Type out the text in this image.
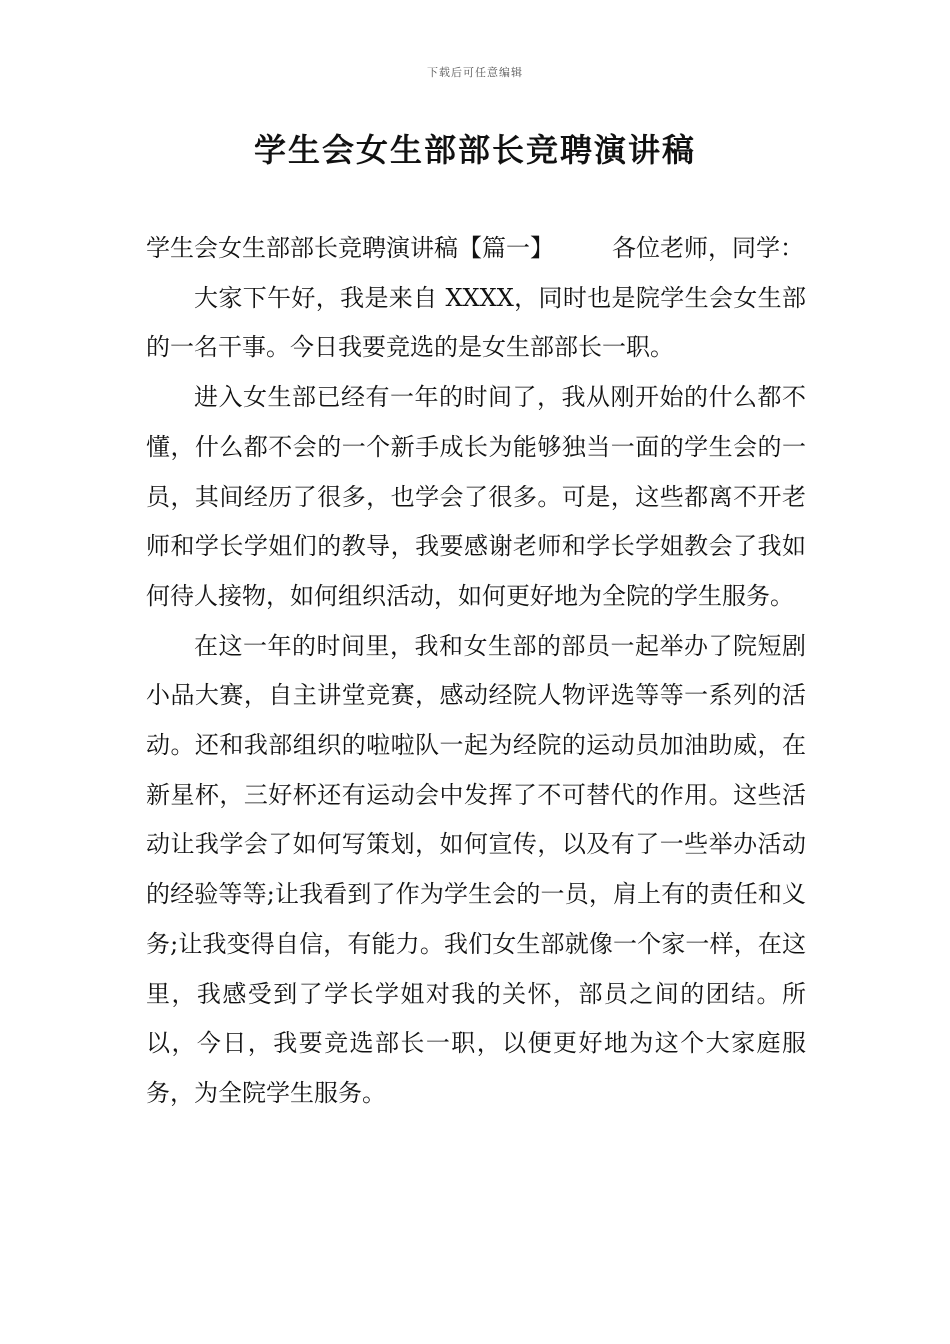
下载后可任意编辑
学生会女生部部长竞聘演讲稿

学生会女生部部长竞聘演讲稿【篇一】 各位老师，同学：

大家下午好，我是来自 XXXX，同时也是院学生会女生部的一名干事。今日我要竞选的是女生部部长一职。

进入女生部已经有一年的时间了，我从刚开始的什么都不懂，什么都不会的一个新手成长为能够独当一面的学生会的一员，其间经历了很多，也学会了很多。可是，这些都离不开老师和学长学姐们的教导，我要感谢老师和学长学姐教会了我如何待人接物，如何组织活动，如何更好地为全院的学生服务。

在这一年的时间里，我和女生部的部员一起举办了院短剧小品大赛，自主讲堂竞赛，感动经院人物评选等等一系列的活动。还和我部组织的啦啦队一起为经院的运动员加油助威，在新星杯，三好杯还有运动会中发挥了不可替代的作用。这些活动让我学会了如何写策划，如何宣传，以及有了一些举办活动的经验等等;让我看到了作为学生会的一员，肩上有的责任和义务;让我变得自信，有能力。我们女生部就像一个家一样，在这里，我感受到了学长学姐对我的关怀，部员之间的团结。所以，今日，我要竞选部长一职，以便更好地为这个大家庭服务，为全院学生服务。
